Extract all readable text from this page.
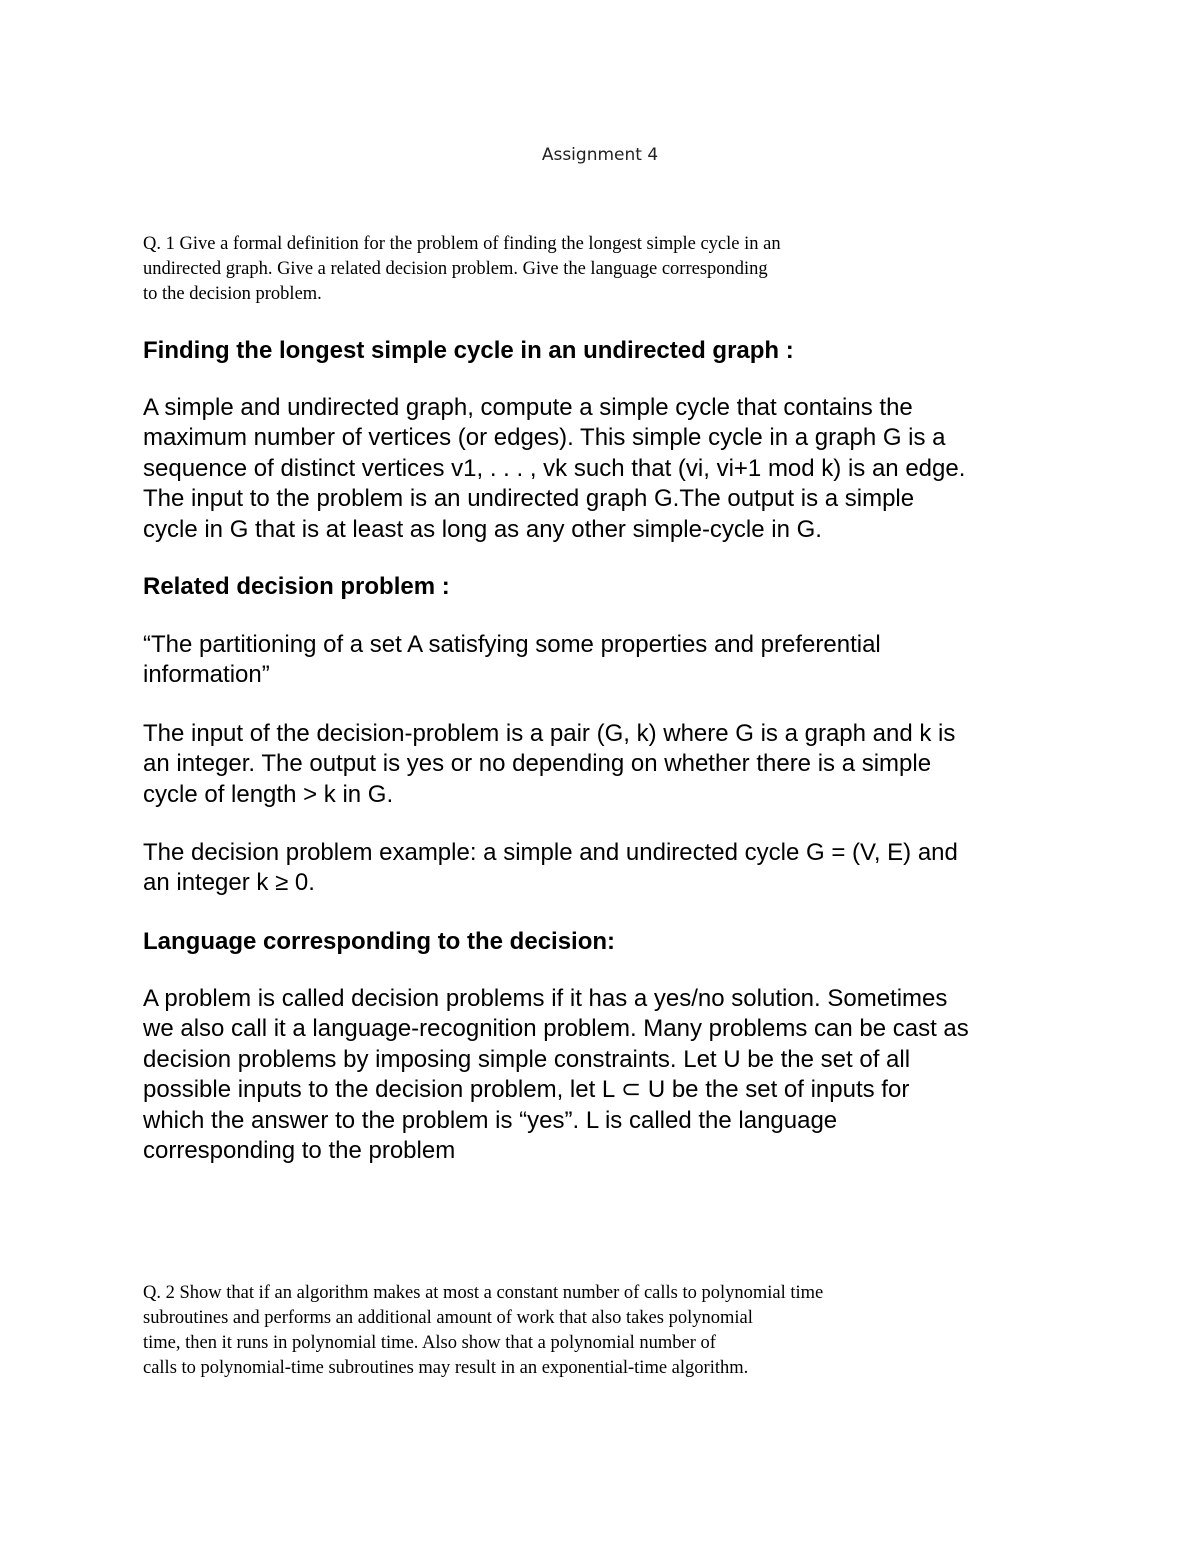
Assignment 4
Q. 1 Give a formal definition for the problem of finding the longest simple cycle in an
undirected graph. Give a related decision problem. Give the language corresponding
to the decision problem.
Finding the longest simple cycle in an undirected graph :
A simple and undirected graph, compute a simple cycle that contains the
maximum number of vertices (or edges). This simple cycle in a graph G is a
sequence of distinct vertices v1, . . . , vk such that (vi, vi+1 mod k) is an edge.
The input to the problem is an undirected graph G.The output is a simple
cycle in G that is at least as long as any other simple-cycle in G.
Related decision problem :
“The partitioning of a set A satisfying some properties and preferential
information”
The input of the decision-problem is a pair (G, k) where G is a graph and k is
an integer. The output is yes or no depending on whether there is a simple
cycle of length > k in G.
The decision problem example: a simple and undirected cycle G = (V, E) and
an integer k ≥ 0.
Language corresponding to the decision:
A problem is called decision problems if it has a yes/no solution. Sometimes
we also call it a language-recognition problem. Many problems can be cast as
decision problems by imposing simple constraints. Let U be the set of all
possible inputs to the decision problem, let L ⊂ U be the set of inputs for
which the answer to the problem is “yes”. L is called the language
corresponding to the problem
Q. 2 Show that if an algorithm makes at most a constant number of calls to polynomial time
subroutines and performs an additional amount of work that also takes polynomial
time, then it runs in polynomial time. Also show that a polynomial number of
calls to polynomial-time subroutines may result in an exponential-time algorithm.
